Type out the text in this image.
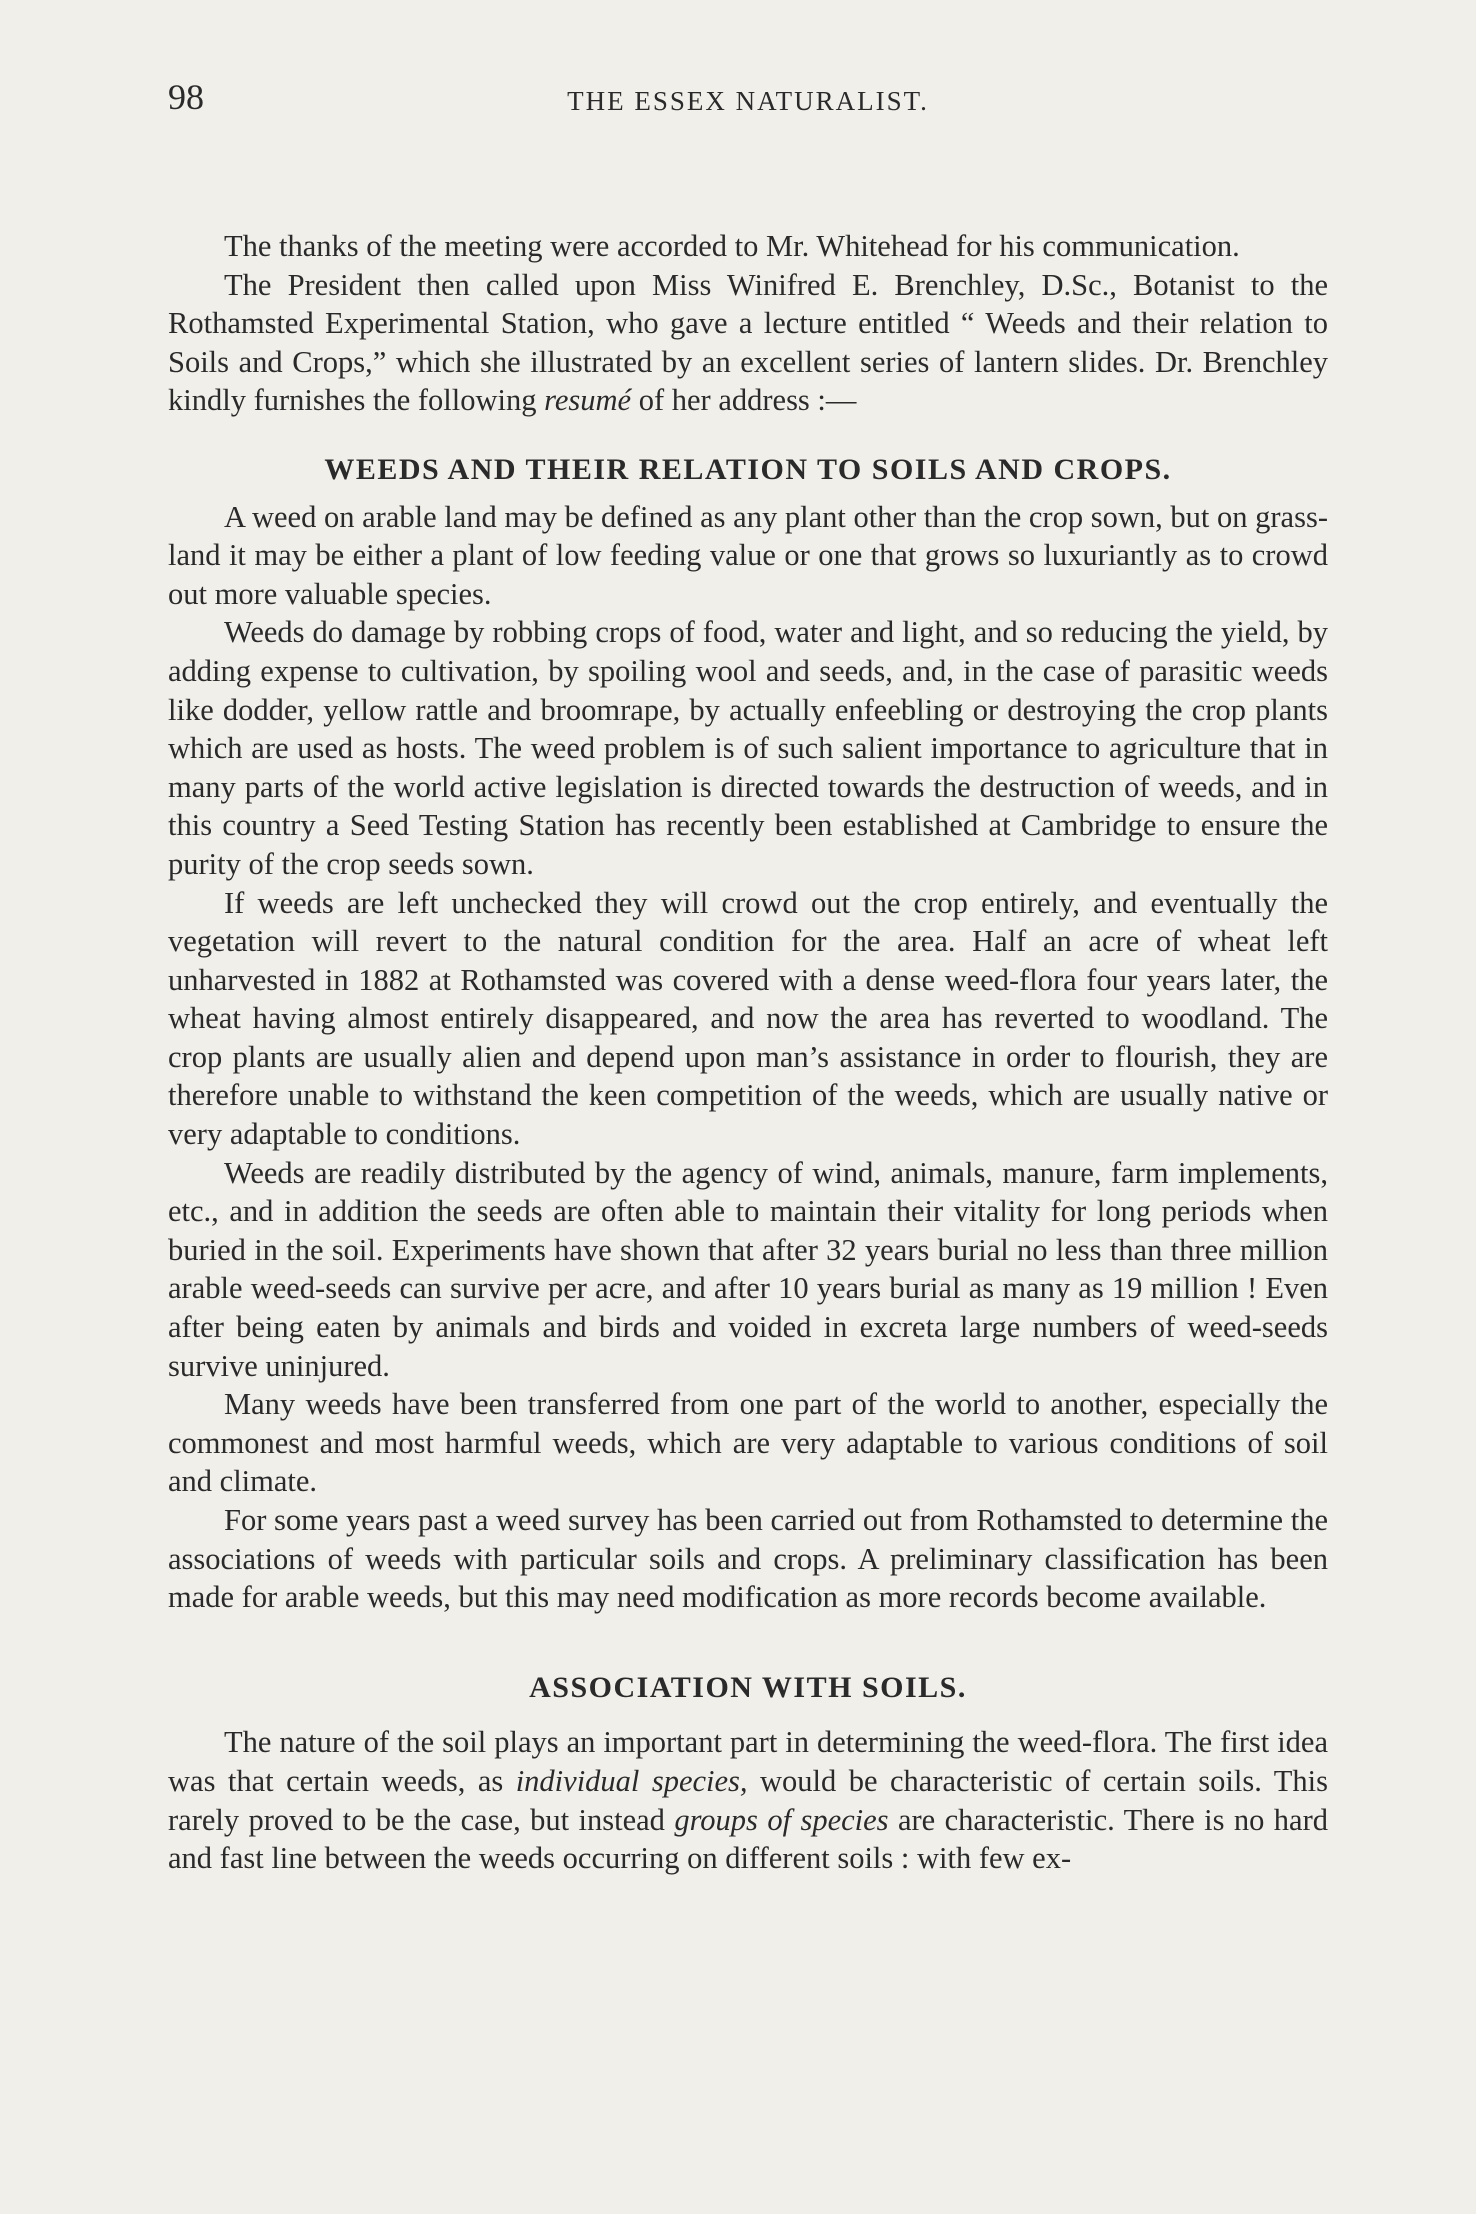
98	THE ESSEX NATURALIST.

The thanks of the meeting were accorded to Mr. Whitehead for his communication.

The President then called upon Miss Winifred E. Brenchley, D.Sc., Botanist to the Rothamsted Experimental Station, who gave a lecture entitled “ Weeds and their relation to Soils and Crops,” which she illustrated by an excellent series of lantern slides. Dr. Brenchley kindly furnishes the following resumé of her address :—

WEEDS AND THEIR RELATION TO SOILS AND CROPS.

A weed on arable land may be defined as any plant other than the crop sown, but on grass-land it may be either a plant of low feeding value or one that grows so luxuriantly as to crowd out more valuable species.

Weeds do damage by robbing crops of food, water and light, and so reducing the yield, by adding expense to cultivation, by spoiling wool and seeds, and, in the case of parasitic weeds like dodder, yellow rattle and broomrape, by actually enfeebling or destroying the crop plants which are used as hosts. The weed problem is of such salient importance to agriculture that in many parts of the world active legislation is directed towards the destruction of weeds, and in this country a Seed Testing Station has recently been established at Cambridge to ensure the purity of the crop seeds sown.

If weeds are left unchecked they will crowd out the crop entirely, and eventually the vegetation will revert to the natural condition for the area. Half an acre of wheat left unharvested in 1882 at Rothamsted was covered with a dense weed-flora four years later, the wheat having almost entirely disappeared, and now the area has reverted to woodland. The crop plants are usually alien and depend upon man’s assistance in order to flourish, they are therefore unable to withstand the keen competition of the weeds, which are usually native or very adaptable to conditions.

Weeds are readily distributed by the agency of wind, animals, manure, farm implements, etc., and in addition the seeds are often able to maintain their vitality for long periods when buried in the soil. Experiments have shown that after 32 years burial no less than three million arable weed-seeds can survive per acre, and after 10 years burial as many as 19 million ! Even after being eaten by animals and birds and voided in excreta large numbers of weed-seeds survive uninjured.

Many weeds have been transferred from one part of the world to another, especially the commonest and most harmful weeds, which are very adaptable to various conditions of soil and climate.

For some years past a weed survey has been carried out from Rothamsted to determine the associations of weeds with particular soils and crops. A preliminary classification has been made for arable weeds, but this may need modification as more records become available.

ASSOCIATION WITH SOILS.

The nature of the soil plays an important part in determining the weed-flora. The first idea was that certain weeds, as individual species, would be characteristic of certain soils. This rarely proved to be the case, but instead groups of species are characteristic. There is no hard and fast line between the weeds occurring on different soils : with few ex-
